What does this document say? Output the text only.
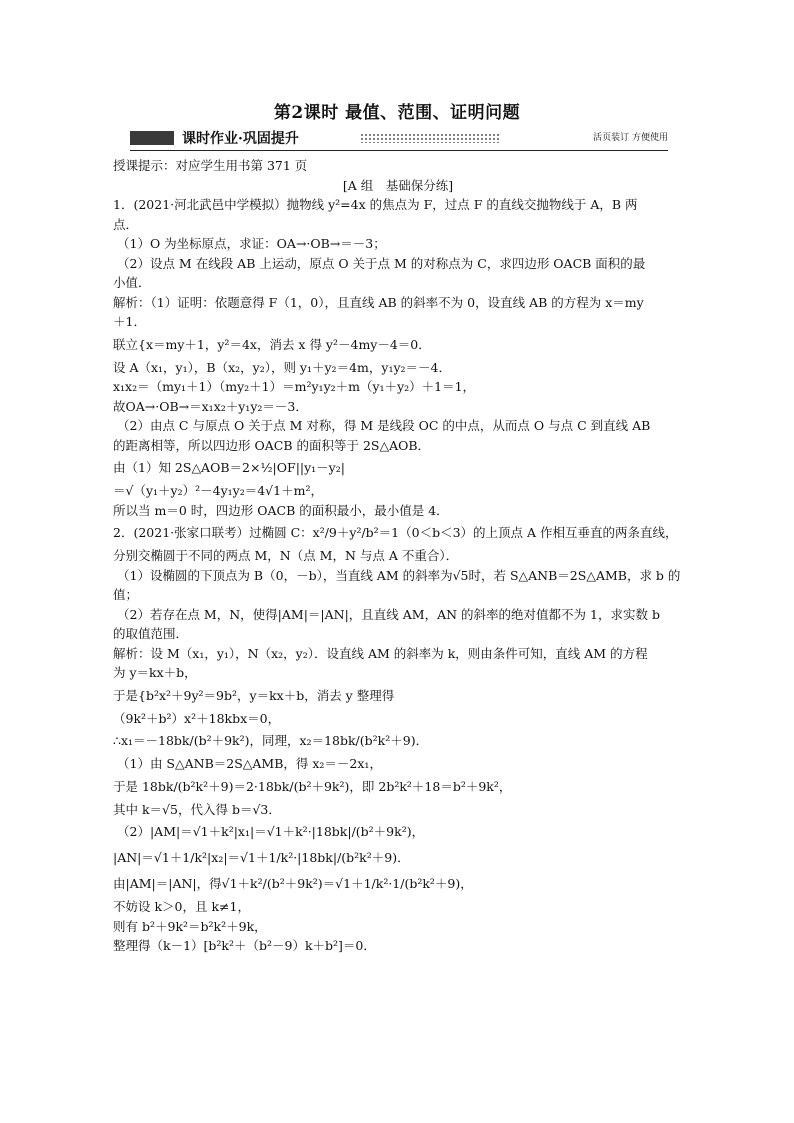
第2课时 最值、范围、证明问题
课时作业·巩固提升	活页装订 方便使用
授课提示：对应学生用书第 371 页
[A 组　基础保分练]
1．(2021·河北武邑中学模拟）抛物线 y²=4x 的焦点为 F，过点 F 的直线交抛物线于 A，B 两
点．
（1）O 为坐标原点，求证：OA→·OB→＝－3；
（2）设点 M 在线段 AB 上运动，原点 O 关于点 M 的对称点为 C，求四边形 OACB 面积的最
小值．
解析：（1）证明：依题意得 F（1，0），且直线 AB 的斜率不为 0，设直线 AB 的方程为 x＝my
＋1．
联立{x＝my＋1，y²＝4x，消去 x 得 y²－4my－4＝0．
设 A（x₁，y₁），B（x₂，y₂），则 y₁＋y₂＝4m，y₁y₂＝－4．
x₁x₂＝（my₁＋1）（my₂＋1）＝m²y₁y₂＋m（y₁＋y₂）＋1＝1，
故OA→·OB→＝x₁x₂＋y₁y₂＝－3．
（2）由点 C 与原点 O 关于点 M 对称，得 M 是线段 OC 的中点，从而点 O 与点 C 到直线 AB
的距离相等，所以四边形 OACB 的面积等于 2S△AOB．
由（1）知 2S△AOB＝2×½|OF||y₁－y₂|
＝√（y₁＋y₂）²－4y₁y₂＝4√1＋m²，
所以当 m＝0 时，四边形 OACB 的面积最小，最小值是 4．
2．(2021·张家口联考）过椭圆 C：x²/9＋y²/b²＝1（0＜b＜3）的上顶点 A 作相互垂直的两条直线，
分别交椭圆于不同的两点 M，N（点 M，N 与点 A 不重合）．
（1）设椭圆的下顶点为 B（0，－b），当直线 AM 的斜率为√5时，若 S△ANB＝2S△AMB，求 b 的
值；
（2）若存在点 M，N，使得|AM|＝|AN|，且直线 AM，AN 的斜率的绝对值都不为 1，求实数 b
的取值范围．
解析：设 M（x₁，y₁），N（x₂，y₂）．设直线 AM 的斜率为 k，则由条件可知，直线 AM 的方程
为 y＝kx＋b，
于是{b²x²＋9y²＝9b²，y＝kx＋b，消去 y 整理得
（9k²＋b²）x²＋18kbx＝0，
∴x₁＝－18bk/(b²＋9k²)，同理，x₂＝18bk/(b²k²＋9)．
（1）由 S△ANB＝2S△AMB，得 x₂＝－2x₁，
于是 18bk/(b²k²＋9)＝2·18bk/(b²＋9k²)，即 2b²k²＋18＝b²＋9k²，
其中 k＝√5，代入得 b＝√3．
（2）|AM|＝√1＋k²|x₁|＝√1＋k²·|18bk|/(b²＋9k²)，
|AN|＝√1＋1/k²|x₂|＝√1＋1/k²·|18bk|/(b²k²＋9)．
由|AM|＝|AN|，得√1＋k²/(b²＋9k²)＝√1＋1/k²·1/(b²k²＋9)，
不妨设 k＞0，且 k≠1，
则有 b²＋9k²＝b²k²＋9k，
整理得（k－1）[b²k²＋（b²－9）k＋b²]＝0．
